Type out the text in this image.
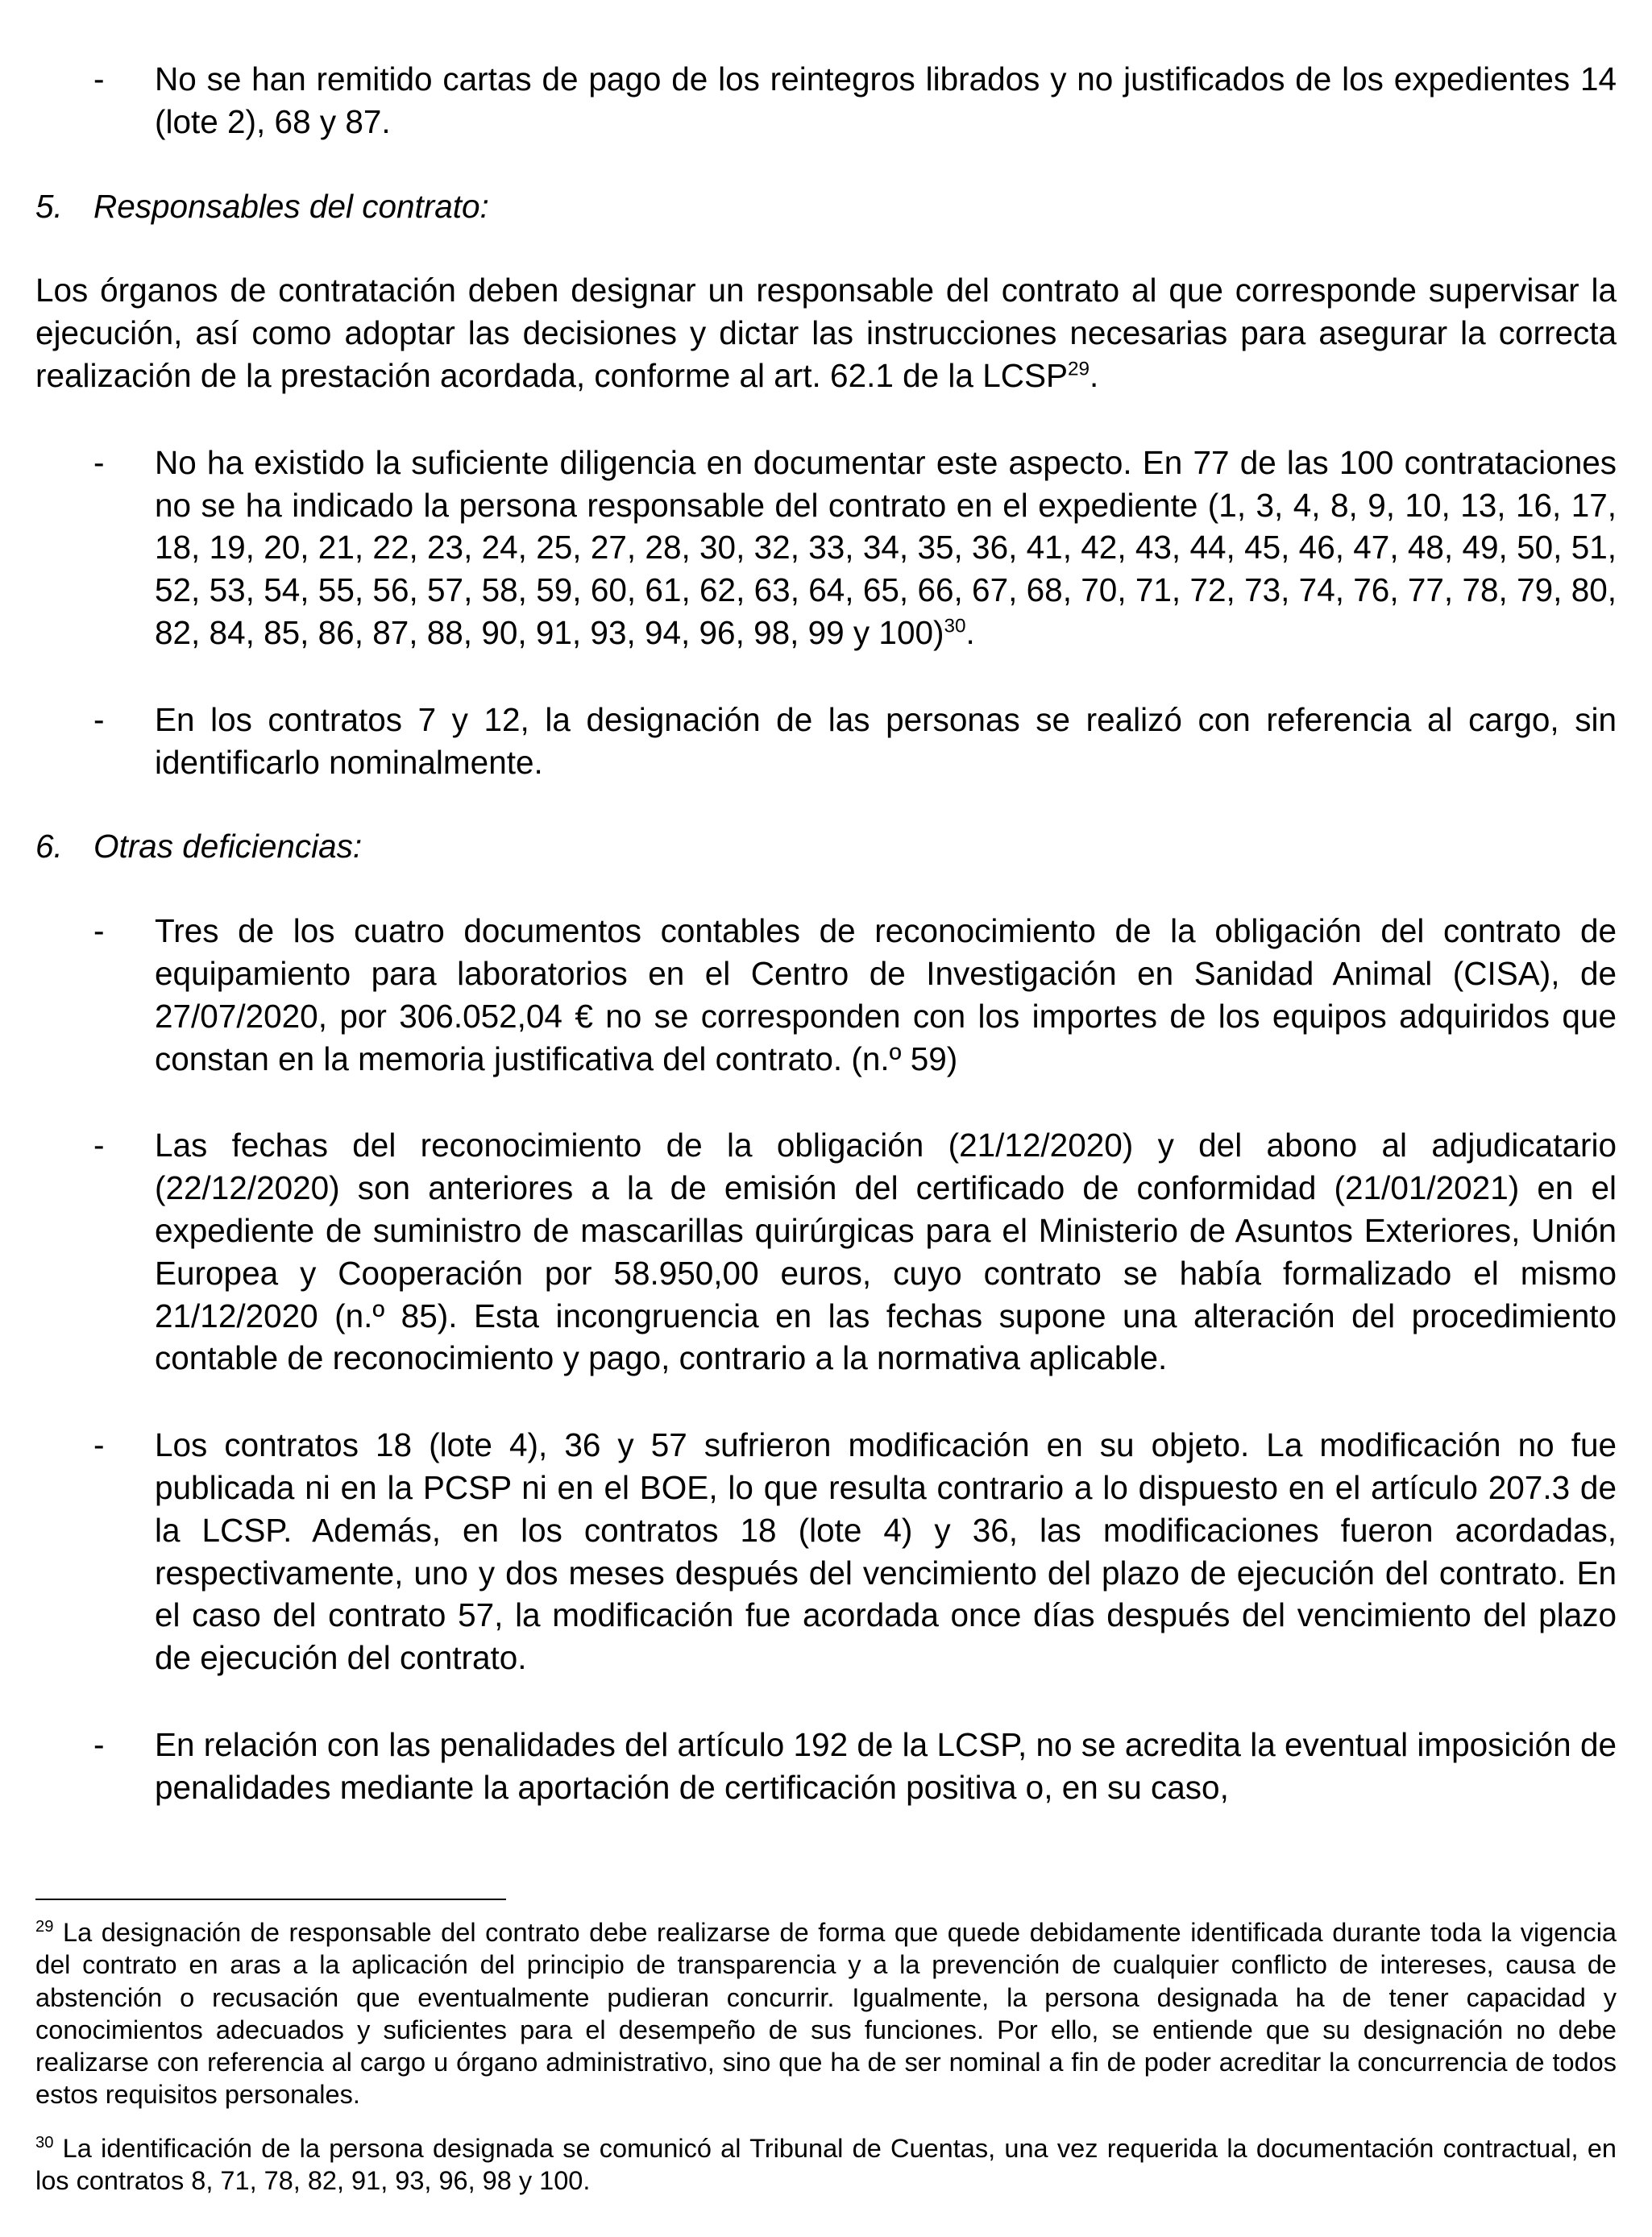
- No se han remitido cartas de pago de los reintegros librados y no justificados de los expedientes 14 (lote 2), 68 y 87.

5. Responsables del contrato:

Los órganos de contratación deben designar un responsable del contrato al que corresponde supervisar la ejecución, así como adoptar las decisiones y dictar las instrucciones necesarias para asegurar la correcta realización de la prestación acordada, conforme al art. 62.1 de la LCSP$^{29}$.

- No ha existido la suficiente diligencia en documentar este aspecto. En 77 de las 100 contrataciones no se ha indicado la persona responsable del contrato en el expediente (1, 3, 4, 8, 9, 10, 13, 16, 17, 18, 19, 20, 21, 22, 23, 24, 25, 27, 28, 30, 32, 33, 34, 35, 36, 41, 42, 43, 44, 45, 46, 47, 48, 49, 50, 51, 52, 53, 54, 55, 56, 57, 58, 59, 60, 61, 62, 63, 64, 65, 66, 67, 68, 70, 71, 72, 73, 74, 76, 77, 78, 79, 80, 82, 84, 85, 86, 87, 88, 90, 91, 93, 94, 96, 98, 99 y 100)$^{30}$.

- En los contratos 7 y 12, la designación de las personas se realizó con referencia al cargo, sin identificarlo nominalmente.

6. Otras deficiencias:

- Tres de los cuatro documentos contables de reconocimiento de la obligación del contrato de equipamiento para laboratorios en el Centro de Investigación en Sanidad Animal (CISA), de 27/07/2020, por 306.052,04 € no se corresponden con los importes de los equipos adquiridos que constan en la memoria justificativa del contrato. (n.º 59)

- Las fechas del reconocimiento de la obligación (21/12/2020) y del abono al adjudicatario (22/12/2020) son anteriores a la de emisión del certificado de conformidad (21/01/2021) en el expediente de suministro de mascarillas quirúrgicas para el Ministerio de Asuntos Exteriores, Unión Europea y Cooperación por 58.950,00 euros, cuyo contrato se había formalizado el mismo 21/12/2020 (n.º 85). Esta incongruencia en las fechas supone una alteración del procedimiento contable de reconocimiento y pago, contrario a la normativa aplicable.

- Los contratos 18 (lote 4), 36 y 57 sufrieron modificación en su objeto. La modificación no fue publicada ni en la PCSP ni en el BOE, lo que resulta contrario a lo dispuesto en el artículo 207.3 de la LCSP. Además, en los contratos 18 (lote 4) y 36, las modificaciones fueron acordadas, respectivamente, uno y dos meses después del vencimiento del plazo de ejecución del contrato. En el caso del contrato 57, la modificación fue acordada once días después del vencimiento del plazo de ejecución del contrato.

- En relación con las penalidades del artículo 192 de la LCSP, no se acredita la eventual imposición de penalidades mediante la aportación de certificación positiva o, en su caso,

$^{29}$ La designación de responsable del contrato debe realizarse de forma que quede debidamente identificada durante toda la vigencia del contrato en aras a la aplicación del principio de transparencia y a la prevención de cualquier conflicto de intereses, causa de abstención o recusación que eventualmente pudieran concurrir. Igualmente, la persona designada ha de tener capacidad y conocimientos adecuados y suficientes para el desempeño de sus funciones. Por ello, se entiende que su designación no debe realizarse con referencia al cargo u órgano administrativo, sino que ha de ser nominal a fin de poder acreditar la concurrencia de todos estos requisitos personales.

$^{30}$ La identificación de la persona designada se comunicó al Tribunal de Cuentas, una vez requerida la documentación contractual, en los contratos 8, 71, 78, 82, 91, 93, 96, 98 y 100.
